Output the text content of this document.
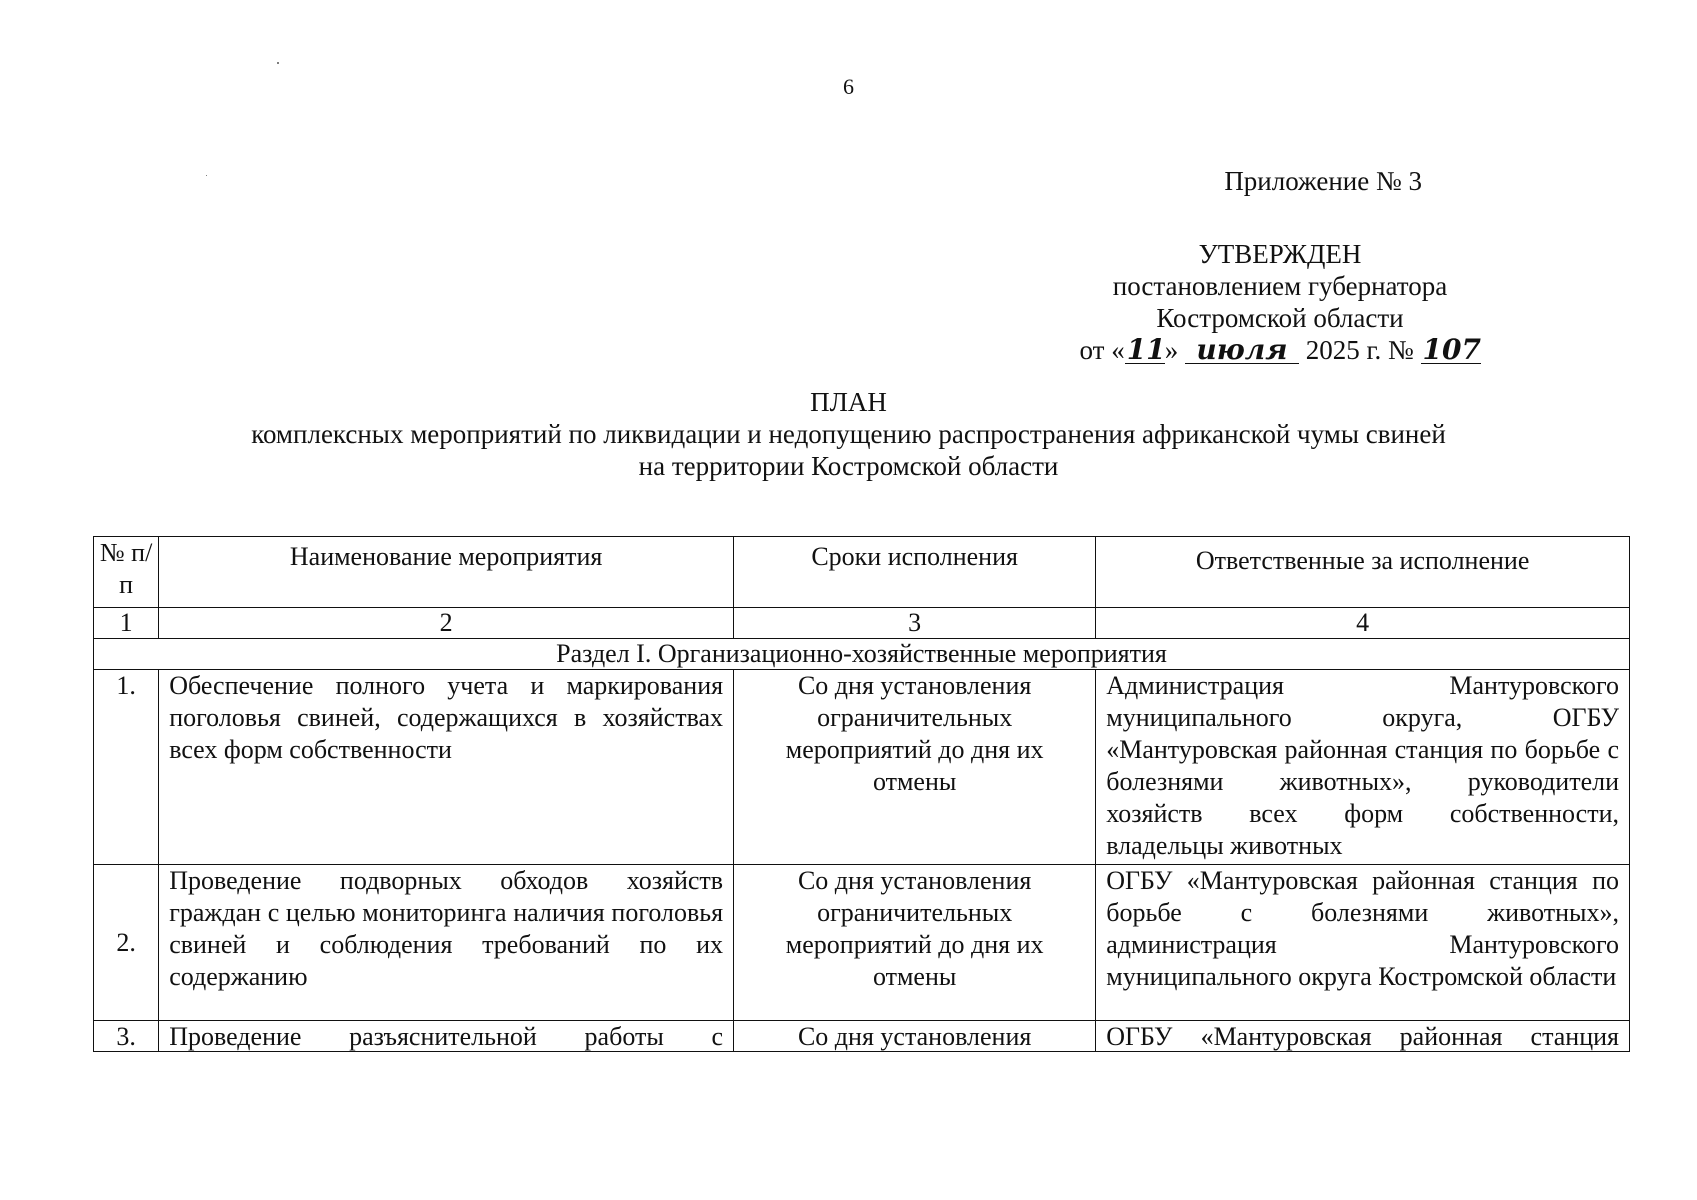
6
Приложение № 3
УТВЕРЖДЕН
постановлением губернатора
Костромской области
от «11» июля 2025 г. № 107
ПЛАН
комплексных мероприятий по ликвидации и недопущению распространения африканской чумы свиней
на территории Костромской области
№ п/п	Наименование мероприятия	Сроки исполнения	Ответственные за исполнение
1	2	3	4
Раздел I. Организационно-хозяйственные мероприятия			
1.	Обеспечение полного учета и маркирования поголовья свиней, содержащихся в хозяйствах всех форм собственности	Со дня установления ограничительных мероприятий до дня их отмены	Администрация Мантуровского муниципального округа, ОГБУ «Мантуровская районная станция по борьбе с болезнями животных», руководители хозяйств всех форм собственности, владельцы животных
2.	Проведение подворных обходов хозяйств граждан с целью мониторинга наличия поголовья свиней и соблюдения требований по их содержанию	Со дня установления ограничительных мероприятий до дня их отмены	ОГБУ «Мантуровская районная станция по борьбе с болезнями животных», администрация Мантуровского муниципального округа Костромской области

3.	Проведение разъяснительной работы с	Со дня установления	ОГБУ «Мантуровская районная станция
